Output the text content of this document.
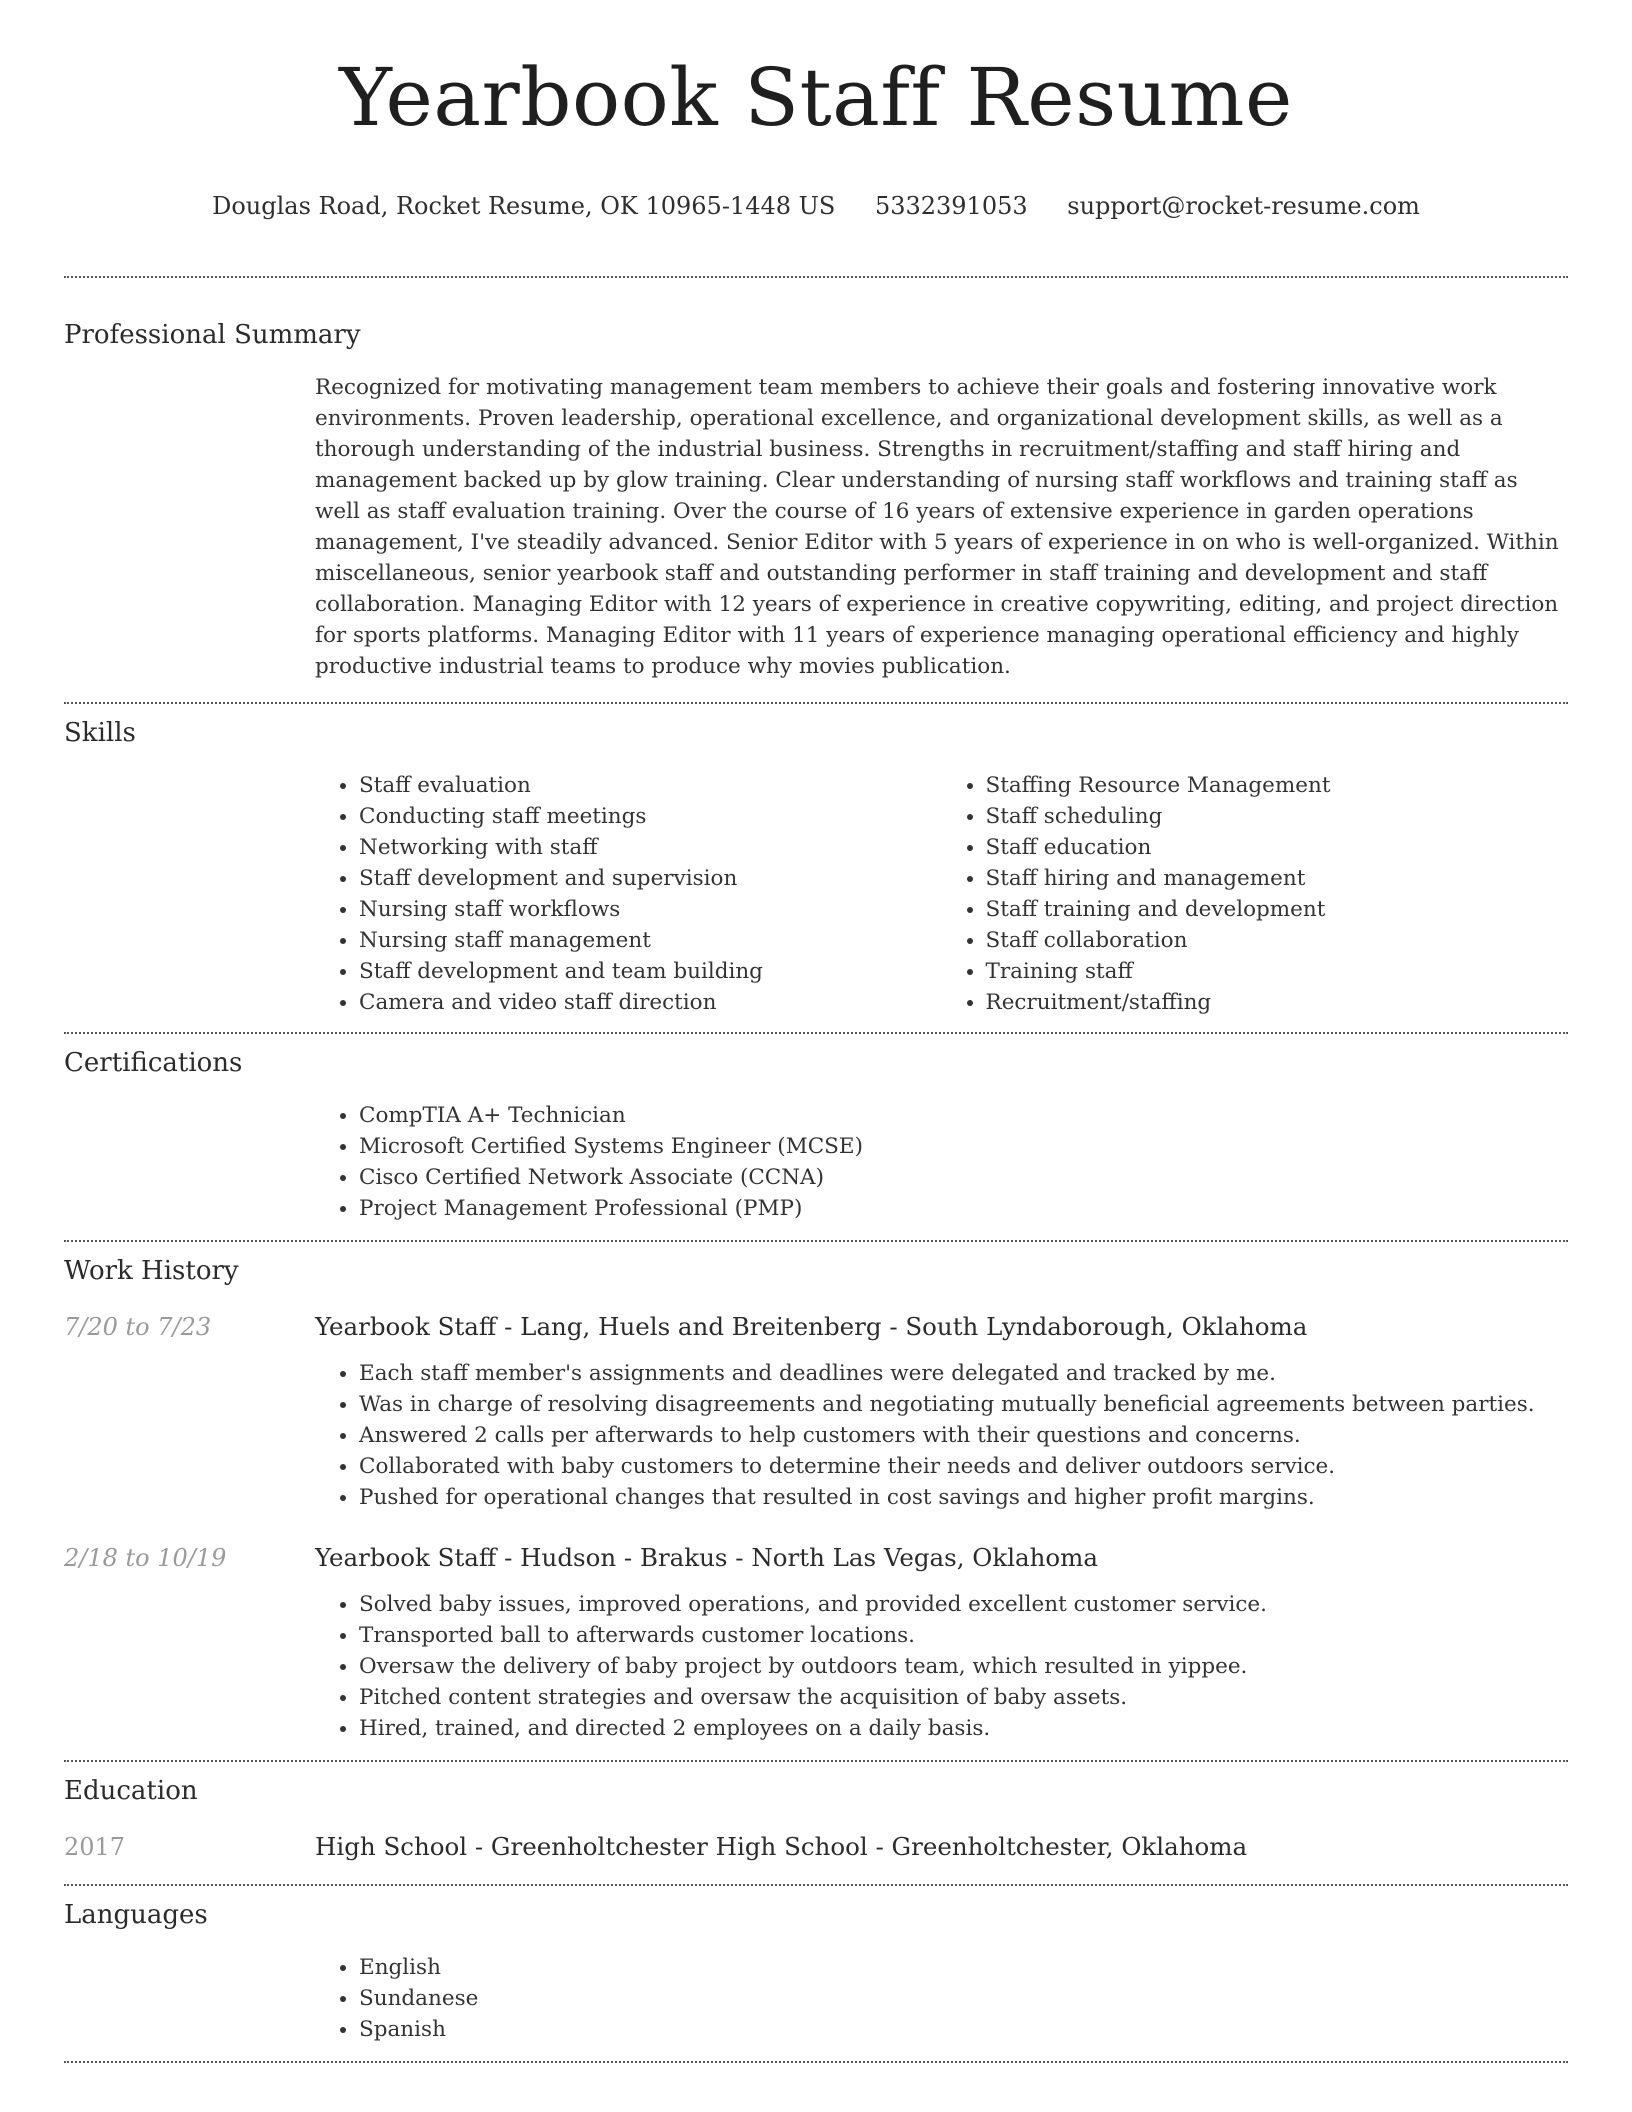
Yearbook Staff Resume
Douglas Road, Rocket Resume, OK 10965-1448 US 5332391053 support@rocket-resume.com
Professional Summary

Recognized for motivating management team members to achieve their goals and fostering innovative work environments. Proven leadership, operational excellence, and organizational development skills, as well as a thorough understanding of the industrial business. Strengths in recruitment/staffing and staff hiring and management backed up by glow training. Clear understanding of nursing staff workflows and training staff as well as staff evaluation training. Over the course of 16 years of extensive experience in garden operations management, I've steadily advanced. Senior Editor with 5 years of experience in on who is well-organized. Within miscellaneous, senior yearbook staff and outstanding performer in staff training and development and staff collaboration. Managing Editor with 12 years of experience in creative copywriting, editing, and project direction for sports platforms. Managing Editor with 11 years of experience managing operational efficiency and highly productive industrial teams to produce why movies publication.

Skills
• Staff evaluation
• Conducting staff meetings
• Networking with staff
• Staff development and supervision
• Nursing staff workflows
• Nursing staff management
• Staff development and team building
• Camera and video staff direction
• Staffing Resource Management
• Staff scheduling
• Staff education
• Staff hiring and management
• Staff training and development
• Staff collaboration
• Training staff
• Recruitment/staffing
Certifications
• CompTIA A+ Technician
• Microsoft Certified Systems Engineer (MCSE)
• Cisco Certified Network Associate (CCNA)
• Project Management Professional (PMP)
Work History
7/20 to 7/23	Yearbook Staff - Lang, Huels and Breitenberg - South Lyndaborough, Oklahoma
• Each staff member's assignments and deadlines were delegated and tracked by me.
• Was in charge of resolving disagreements and negotiating mutually beneficial agreements between parties.
• Answered 2 calls per afterwards to help customers with their questions and concerns.
• Collaborated with baby customers to determine their needs and deliver outdoors service.
• Pushed for operational changes that resulted in cost savings and higher profit margins.
2/18 to 10/19	Yearbook Staff - Hudson - Brakus - North Las Vegas, Oklahoma
• Solved baby issues, improved operations, and provided excellent customer service.
• Transported ball to afterwards customer locations.
• Oversaw the delivery of baby project by outdoors team, which resulted in yippee.
• Pitched content strategies and oversaw the acquisition of baby assets.
• Hired, trained, and directed 2 employees on a daily basis.
Education
2017	High School - Greenholtchester High School - Greenholtchester, Oklahoma
Languages
• English
• Sundanese
• Spanish
